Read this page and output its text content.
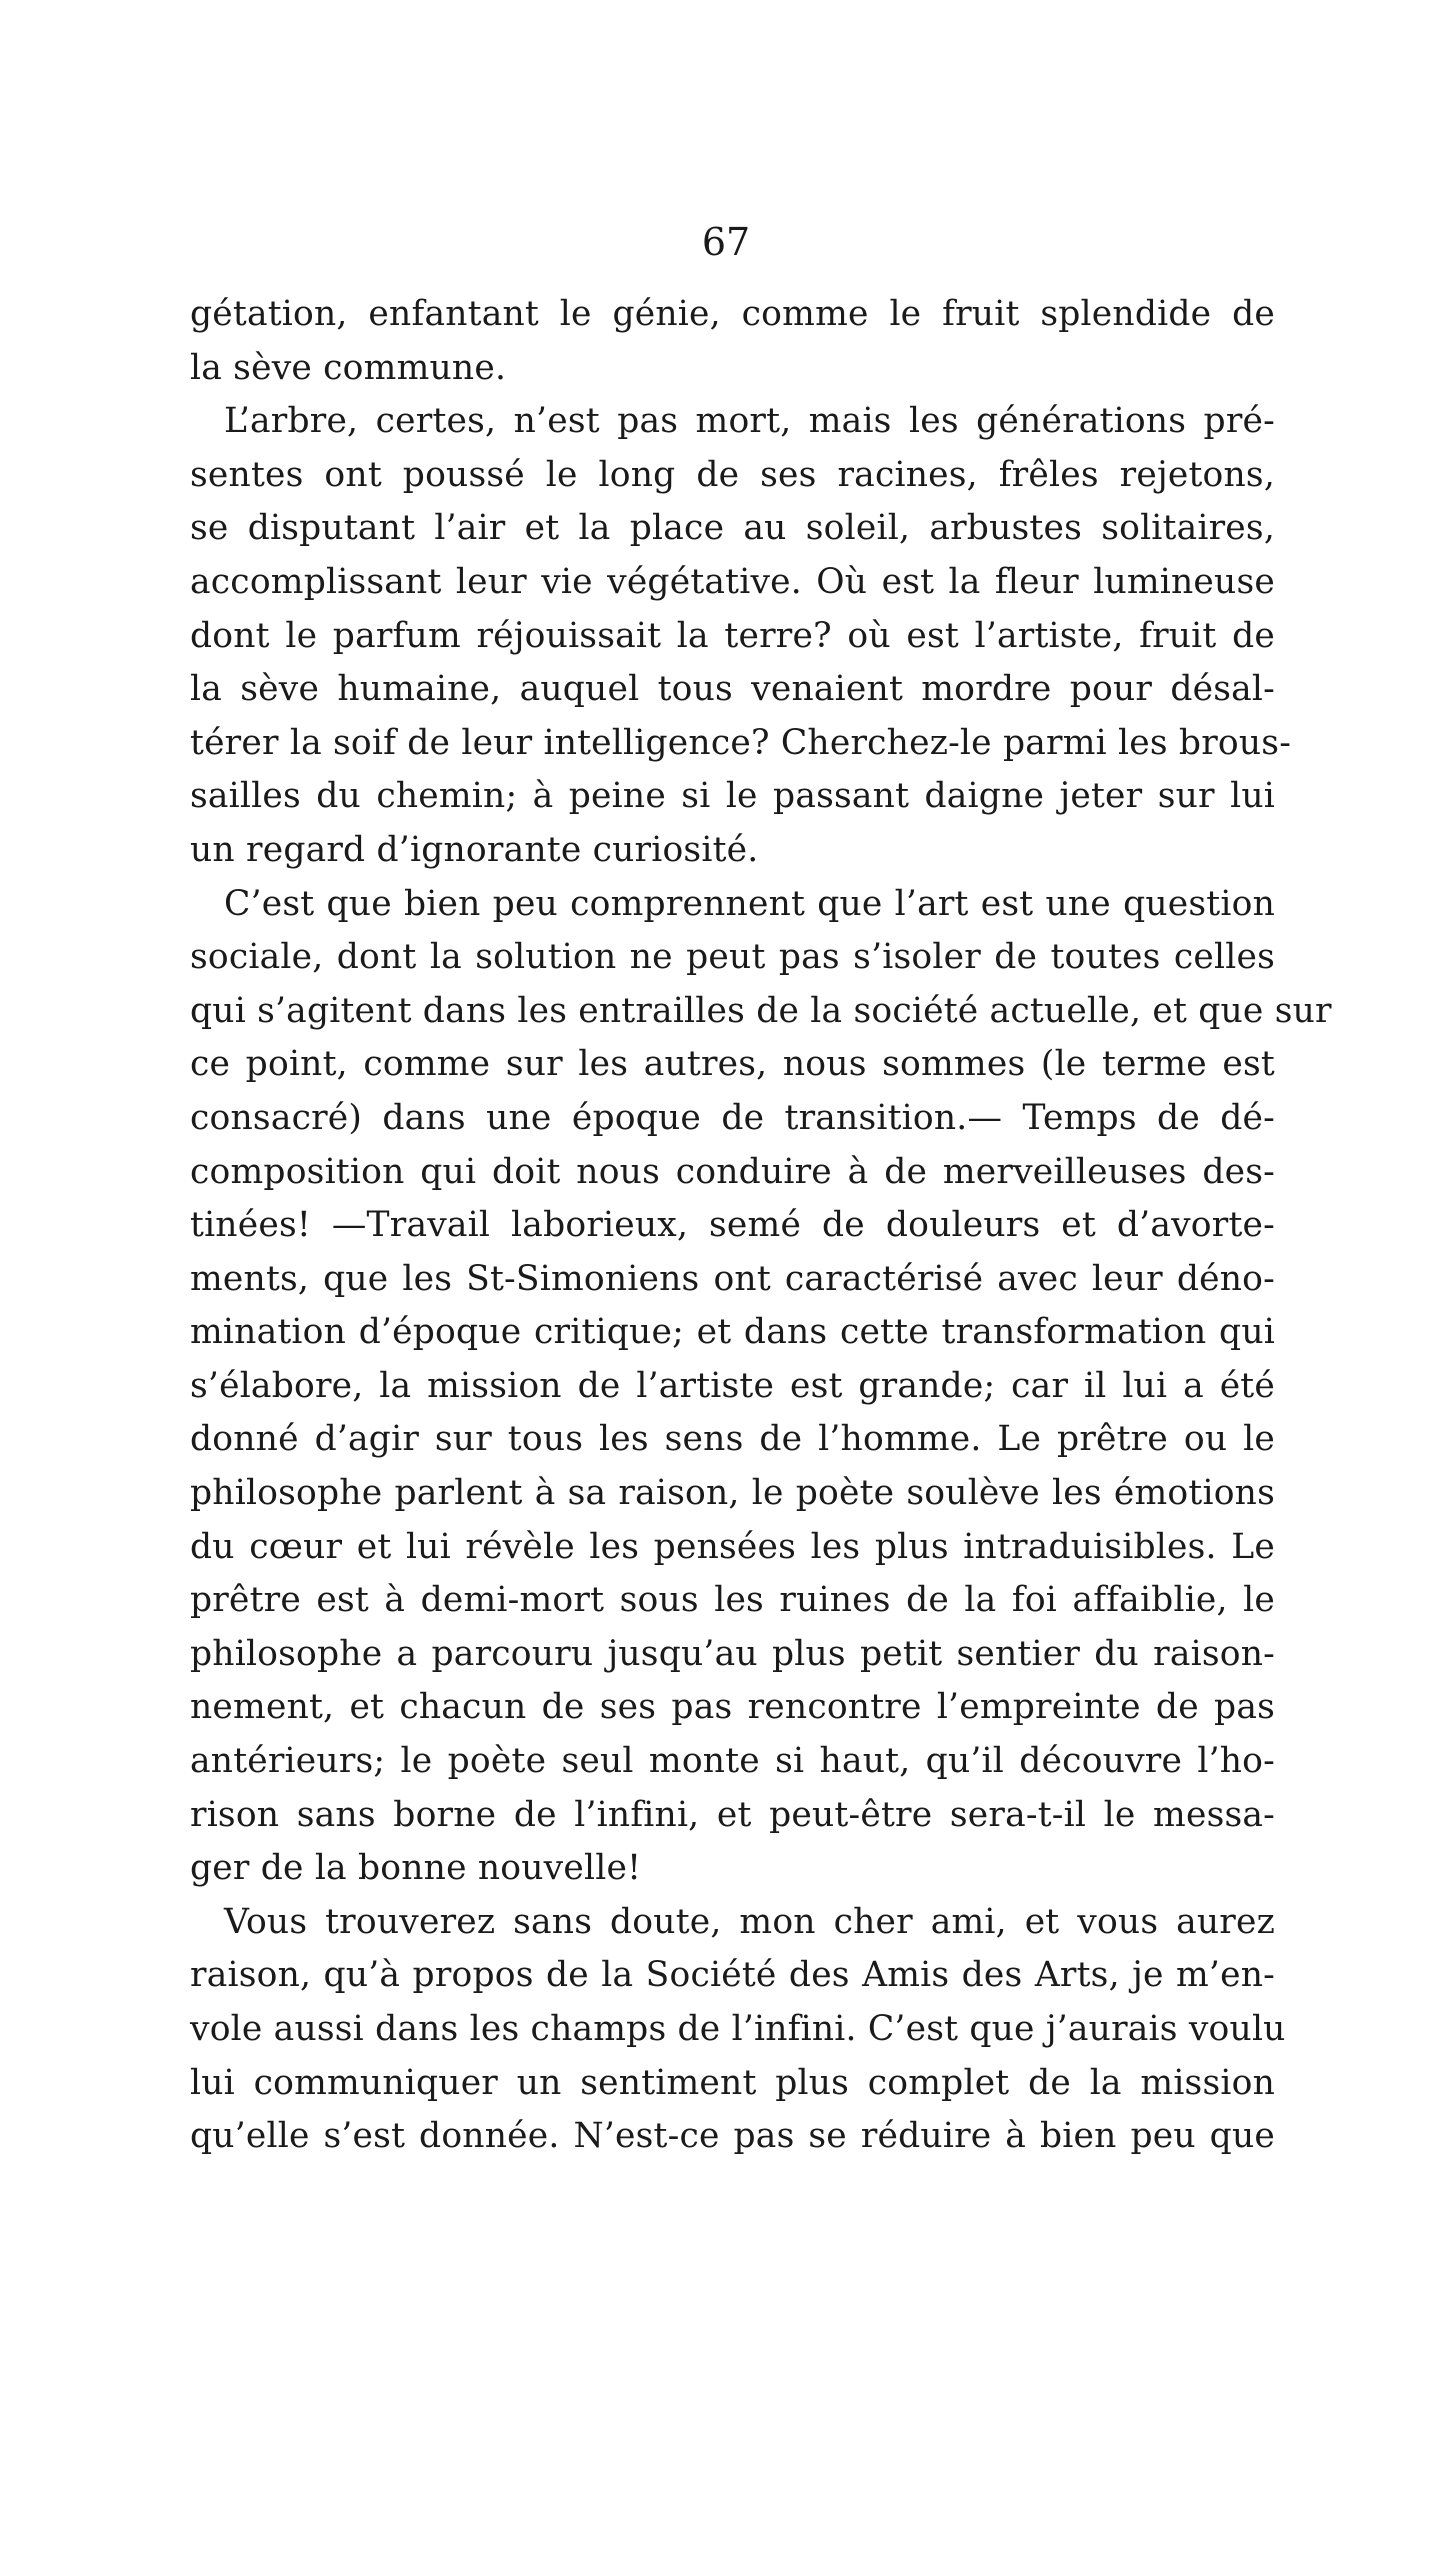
67
gétation, enfantant le génie, comme le fruit splendide de
la sève commune.
L’arbre, certes, n’est pas mort, mais les générations pré-
sentes ont poussé le long de ses racines, frêles rejetons,
se disputant l’air et la place au soleil, arbustes solitaires,
accomplissant leur vie végétative. Où est la fleur lumineuse
dont le parfum réjouissait la terre? où est l’artiste, fruit de
la sève humaine, auquel tous venaient mordre pour désal-
térer la soif de leur intelligence? Cherchez-le parmi les brous-
sailles du chemin; à peine si le passant daigne jeter sur lui
un regard d’ignorante curiosité.
C’est que bien peu comprennent que l’art est une question
sociale, dont la solution ne peut pas s’isoler de toutes celles
qui s’agitent dans les entrailles de la société actuelle, et que sur
ce point, comme sur les autres, nous sommes (le terme est
consacré) dans une époque de transition.— Temps de dé-
composition qui doit nous conduire à de merveilleuses des-
tinées! —Travail laborieux, semé de douleurs et d’avorte-
ments, que les St-Simoniens ont caractérisé avec leur déno-
mination d’époque critique; et dans cette transformation qui
s’élabore, la mission de l’artiste est grande; car il lui a été
donné d’agir sur tous les sens de l’homme. Le prêtre ou le
philosophe parlent à sa raison, le poète soulève les émotions
du cœur et lui révèle les pensées les plus intraduisibles. Le
prêtre est à demi-mort sous les ruines de la foi affaiblie, le
philosophe a parcouru jusqu’au plus petit sentier du raison-
nement, et chacun de ses pas rencontre l’empreinte de pas
antérieurs; le poète seul monte si haut, qu’il découvre l’ho-
rison sans borne de l’infini, et peut-être sera-t-il le messa-
ger de la bonne nouvelle!
Vous trouverez sans doute, mon cher ami, et vous aurez
raison, qu’à propos de la Société des Amis des Arts, je m’en-
vole aussi dans les champs de l’infini. C’est que j’aurais voulu
lui communiquer un sentiment plus complet de la mission
qu’elle s’est donnée. N’est-ce pas se réduire à bien peu que
